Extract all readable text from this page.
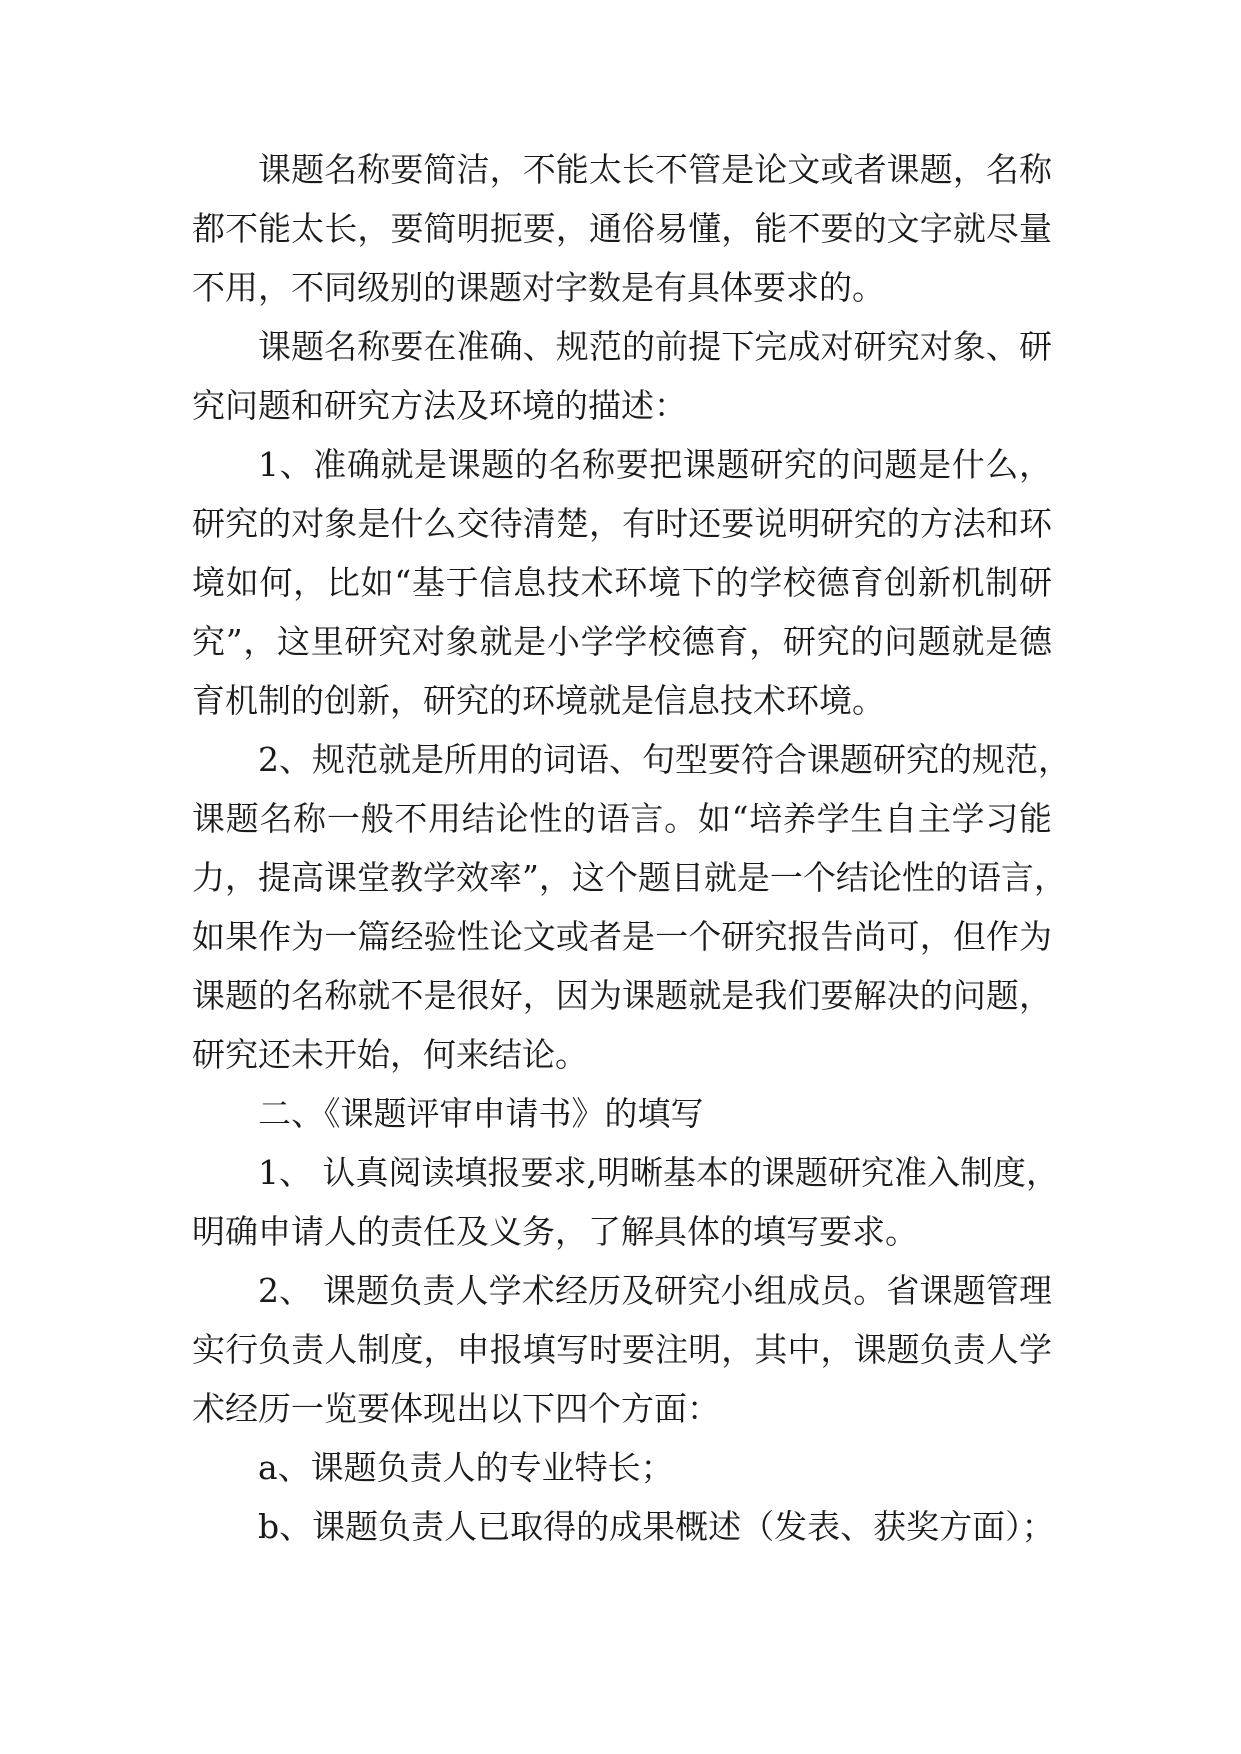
课题名称要简洁，不能太长不管是论文或者课题，名称
都不能太长，要简明扼要，通俗易懂，能不要的文字就尽量
不用，不同级别的课题对字数是有具体要求的。
课题名称要在准确、规范的前提下完成对研究对象、研
究问题和研究方法及环境的描述：
1、准确就是课题的名称要把课题研究的问题是什么，
研究的对象是什么交待清楚，有时还要说明研究的方法和环
境如何，比如“基于信息技术环境下的学校德育创新机制研
究”，这里研究对象就是小学学校德育，研究的问题就是德
育机制的创新，研究的环境就是信息技术环境。
2、规范就是所用的词语、句型要符合课题研究的规范，
课题名称一般不用结论性的语言。如“培养学生自主学习能
力，提高课堂教学效率”，这个题目就是一个结论性的语言，
如果作为一篇经验性论文或者是一个研究报告尚可，但作为
课题的名称就不是很好，因为课题就是我们要解决的问题，
研究还未开始，何来结论。
二、《课题评审申请书》的填写
1、 认真阅读填报要求,明晰基本的课题研究准入制度，
明确申请人的责任及义务，了解具体的填写要求。
2、 课题负责人学术经历及研究小组成员。省课题管理
实行负责人制度，申报填写时要注明，其中，课题负责人学
术经历一览要体现出以下四个方面：
a、课题负责人的专业特长；
b、课题负责人已取得的成果概述（发表、获奖方面）；
